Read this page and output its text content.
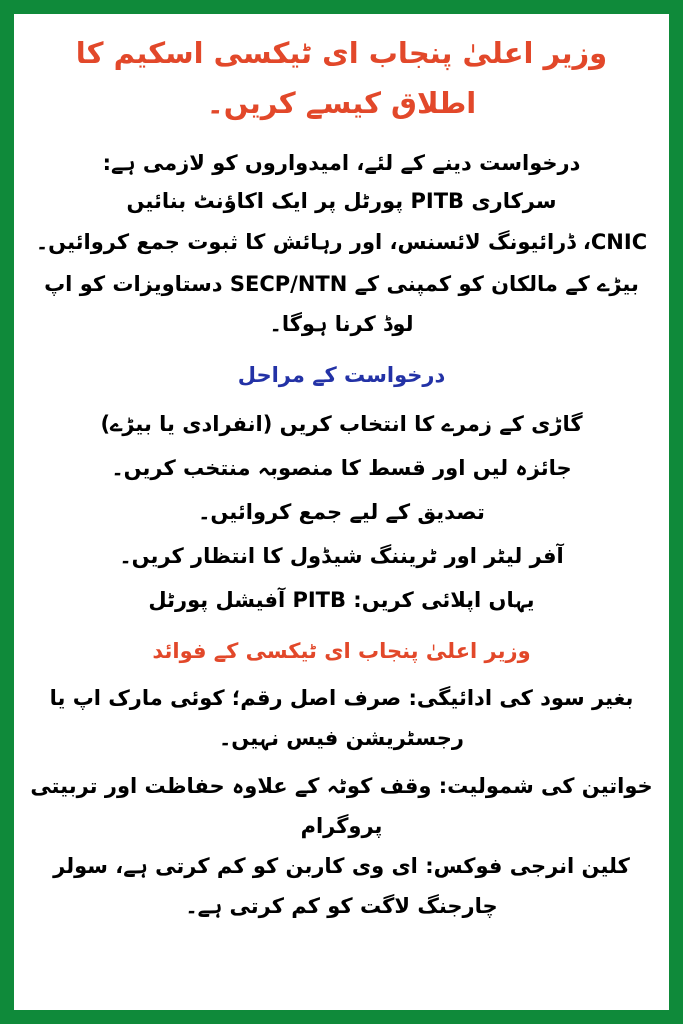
وزیر اعلیٰ پنجاب ای ٹیکسی اسکیم کا اطلاق کیسے کریں۔

درخواست دینے کے لئے، امیدواروں کو لازمی ہے:

سرکاری PITB پورٹل پر ایک اکاؤنٹ بنائیں

CNIC، ڈرائیونگ لائسنس، اور رہائش کا ثبوت جمع کروائیں۔

بیڑے کے مالکان کو کمپنی کے SECP/NTN دستاویزات کو اپ لوڈ کرنا ہوگا۔

درخواست کے مراحل

گاڑی کے زمرے کا انتخاب کریں (انفرادی یا بیڑے)

جائزہ لیں اور قسط کا منصوبہ منتخب کریں۔

تصدیق کے لیے جمع کروائیں۔

آفر لیٹر اور ٹریننگ شیڈول کا انتظار کریں۔

یہاں اپلائی کریں: PITB آفیشل پورٹل

وزیر اعلیٰ پنجاب ای ٹیکسی کے فوائد

بغیر سود کی ادائیگی: صرف اصل رقم؛ کوئی مارک اپ یا رجسٹریشن فیس نہیں۔

خواتین کی شمولیت: وقف کوٹہ کے علاوہ حفاظت اور تربیتی پروگرام

کلین انرجی فوکس: ای وی کاربن کو کم کرتی ہے، سولر چارجنگ لاگت کو کم کرتی ہے۔
